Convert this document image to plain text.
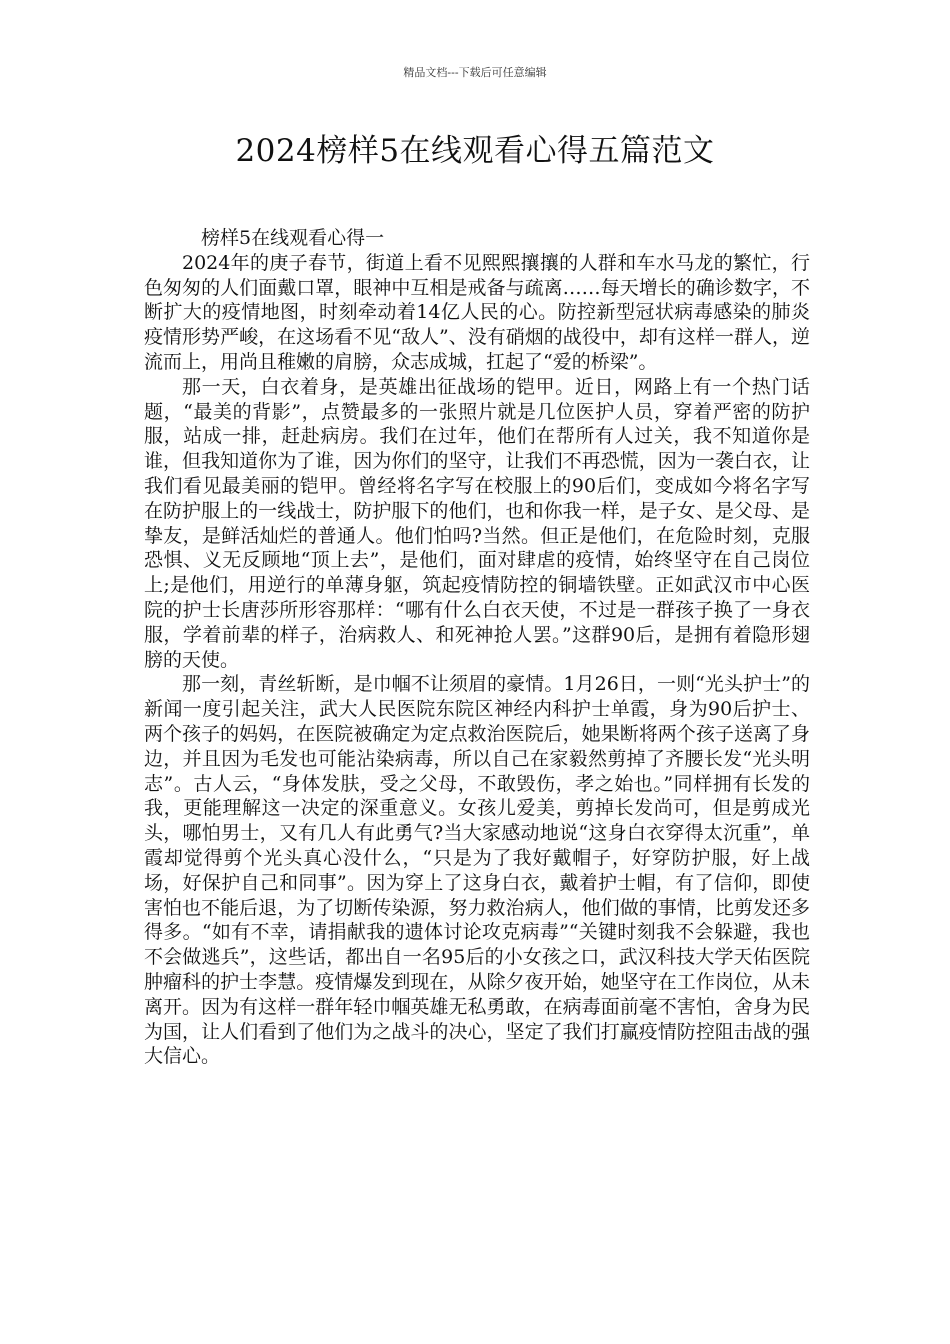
精品文档---下载后可任意编辑
2024榜样5在线观看心得五篇范文

榜样5在线观看心得一

2024年的庚子春节，街道上看不见熙熙攘攘的人群和车水马龙的繁忙，行色匆匆的人们面戴口罩，眼神中互相是戒备与疏离……每天增长的确诊数字，不断扩大的疫情地图，时刻牵动着14亿人民的心。防控新型冠状病毒感染的肺炎疫情形势严峻，在这场看不见“敌人”、没有硝烟的战役中，却有这样一群人，逆流而上，用尚且稚嫩的肩膀，众志成城，扛起了“爱的桥梁”。

那一天，白衣着身，是英雄出征战场的铠甲。近日，网路上有一个热门话题，“最美的背影”，点赞最多的一张照片就是几位医护人员，穿着严密的防护服，站成一排，赶赴病房。我们在过年，他们在帮所有人过关，我不知道你是谁，但我知道你为了谁，因为你们的坚守，让我们不再恐慌，因为一袭白衣，让我们看见最美丽的铠甲。曾经将名字写在校服上的90后们，变成如今将名字写在防护服上的一线战士，防护服下的他们，也和你我一样，是子女、是父母、是挚友，是鲜活灿烂的普通人。他们怕吗?当然。但正是他们，在危险时刻，克服恐惧、义无反顾地“顶上去”，是他们，面对肆虐的疫情，始终坚守在自己岗位上;是他们，用逆行的单薄身躯，筑起疫情防控的铜墙铁壁。正如武汉市中心医院的护士长唐莎所形容那样：“哪有什么白衣天使，不过是一群孩子换了一身衣服，学着前辈的样子，治病救人、和死神抢人罢。”这群90后，是拥有着隐形翅膀的天使。

那一刻，青丝斩断，是巾帼不让须眉的豪情。1月26日，一则“光头护士”的新闻一度引起关注，武大人民医院东院区神经内科护士单霞，身为90后护士、两个孩子的妈妈，在医院被确定为定点救治医院后，她果断将两个孩子送离了身边，并且因为毛发也可能沾染病毒，所以自己在家毅然剪掉了齐腰长发“光头明志”。古人云，“身体发肤，受之父母，不敢毁伤，孝之始也。”同样拥有长发的我，更能理解这一决定的深重意义。女孩儿爱美，剪掉长发尚可，但是剪成光头，哪怕男士，又有几人有此勇气?当大家感动地说“这身白衣穿得太沉重”，单霞却觉得剪个光头真心没什么，“只是为了我好戴帽子，好穿防护服，好上战场，好保护自己和同事”。因为穿上了这身白衣，戴着护士帽，有了信仰，即使害怕也不能后退，为了切断传染源，努力救治病人，他们做的事情，比剪发还多得多。“如有不幸，请捐献我的遗体讨论攻克病毒”“关键时刻我不会躲避，我也不会做逃兵”，这些话，都出自一名95后的小女孩之口，武汉科技大学天佑医院肿瘤科的护士李慧。疫情爆发到现在，从除夕夜开始，她坚守在工作岗位，从未离开。因为有这样一群年轻巾帼英雄无私勇敢，在病毒面前毫不害怕，舍身为民为国，让人们看到了他们为之战斗的决心，坚定了我们打赢疫情防控阻击战的强大信心。
